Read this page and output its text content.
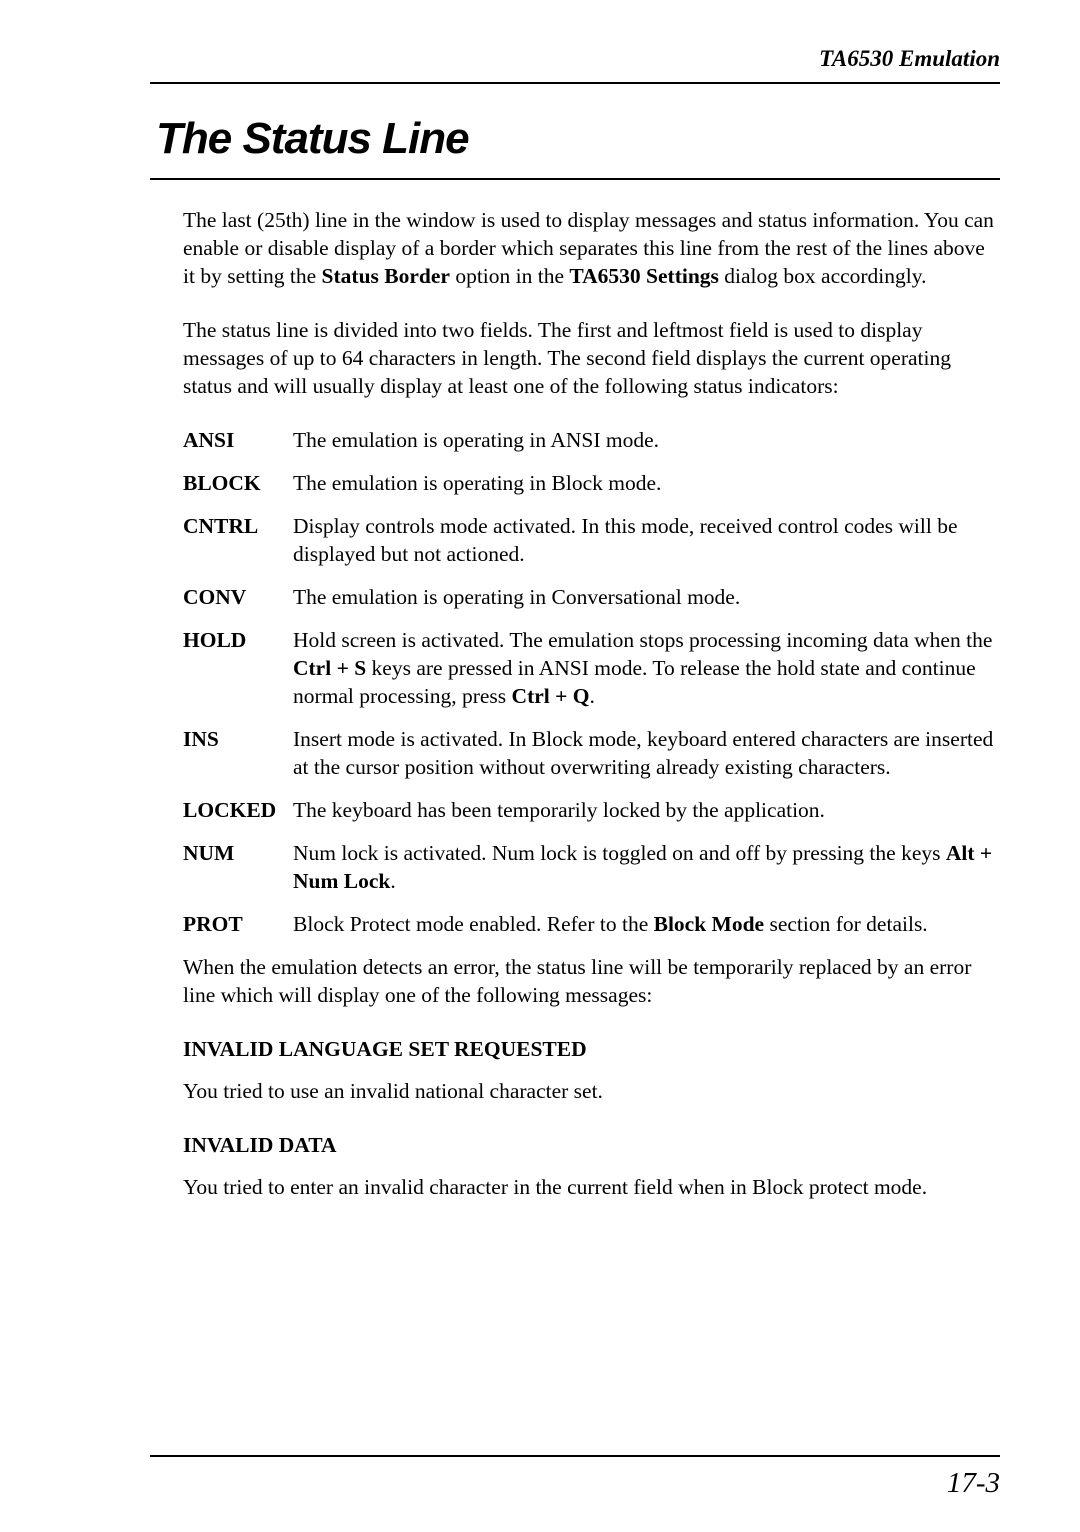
TA6530 Emulation
The Status Line

The last (25th) line in the window is used to display messages and status information. You can enable or disable display of a border which separates this line from the rest of the lines above it by setting the Status Border option in the TA6530 Settings dialog box accordingly.

The status line is divided into two fields. The first and leftmost field is used to display messages of up to 64 characters in length. The second field displays the current operating status and will usually display at least one of the following status indicators:

ANSI	The emulation is operating in ANSI mode.
BLOCK	The emulation is operating in Block mode.
CNTRL	Display controls mode activated. In this mode, received control codes will be displayed but not actioned.
CONV	The emulation is operating in Conversational mode.
HOLD	Hold screen is activated. The emulation stops processing incoming data when the Ctrl + S keys are pressed in ANSI mode. To release the hold state and continue normal processing, press Ctrl + Q.
INS	Insert mode is activated. In Block mode, keyboard entered characters are inserted at the cursor position without overwriting already existing characters.
LOCKED The keyboard has been temporarily locked by the application.
NUM	Num lock is activated. Num lock is toggled on and off by pressing the keys Alt + Num Lock.
PROT	Block Protect mode enabled. Refer to the Block Mode section for details.

When the emulation detects an error, the status line will be temporarily replaced by an error line which will display one of the following messages:

INVALID LANGUAGE SET REQUESTED

You tried to use an invalid national character set.

INVALID DATA

You tried to enter an invalid character in the current field when in Block protect mode.

17-3
